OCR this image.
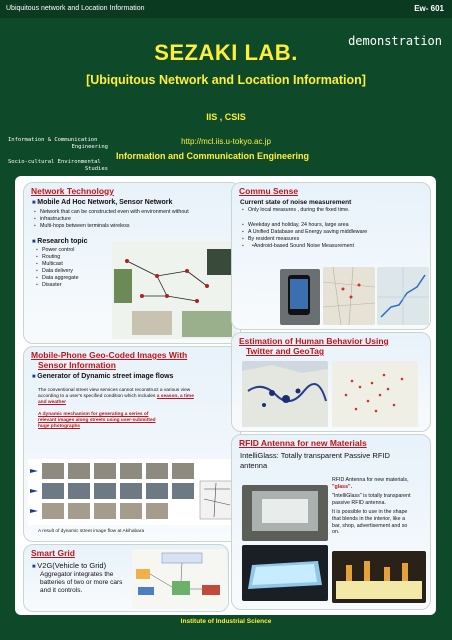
Ubiquitous network and Location Information	Ew- 601
demonstration
SEZAKI LAB.
[Ubiquitous Network and Location Information]
IIS , CSIS
Information & Communication
Engineering
Socio-cultural Environmental
Studies
http://mcl.iis.u-tokyo.ac.jp
Information and Communication Engineering
Network Technology
■ Mobile Ad Hoc Network, Sensor Network
▪ Network that can be constructed even with environment without
▪ infrastructure
▪ Multi-hops between terminals wireless
■ Research topic
▪ Power control
▪ Routing
▪ Multicast
▪ Data delivery
▪ Data aggregate
▪ Disaster
Commu Sense
Current state of noise measurement
▪ Only local measures , during the fixed time.
▪ Weekday and holiday, 24 hours, large area
▪ A Unified Database and Energy saving middleware
▪ By resident measures
▪ •Android-based Sound Noise Measurement
Mobile-Phone Geo-Coded Images With
Sensor Information
■ Generator of Dynamic street image flows
The conventional street view services cannot reconstruct a various view
according to a user's specified condition which includes a season, a time
and weather
A dynamic mechanism for generating a series of
relevant images along streets using user-submitted
huge photographs
A result of dynamic street image flow at Akihabara
Estimation of Human Behavior Using
Twitter and GeoTag
RFID Antenna for new Materials
IntelliGlass: Totally transparent Passive RFID
antenna
RFID Antenna for new materials,
"glass".
"IntelliGlass" is totally transparent
passive RFID antenna.
It is possible to use in the shape
that blends in the interior, like a
bar, shop, advertisement and so
on.
Smart Grid
■ V2G(Vehicle to Grid)
Aggregator integrates the
batteries of two or more cars
and it controls.
Institute of Industrial Science
